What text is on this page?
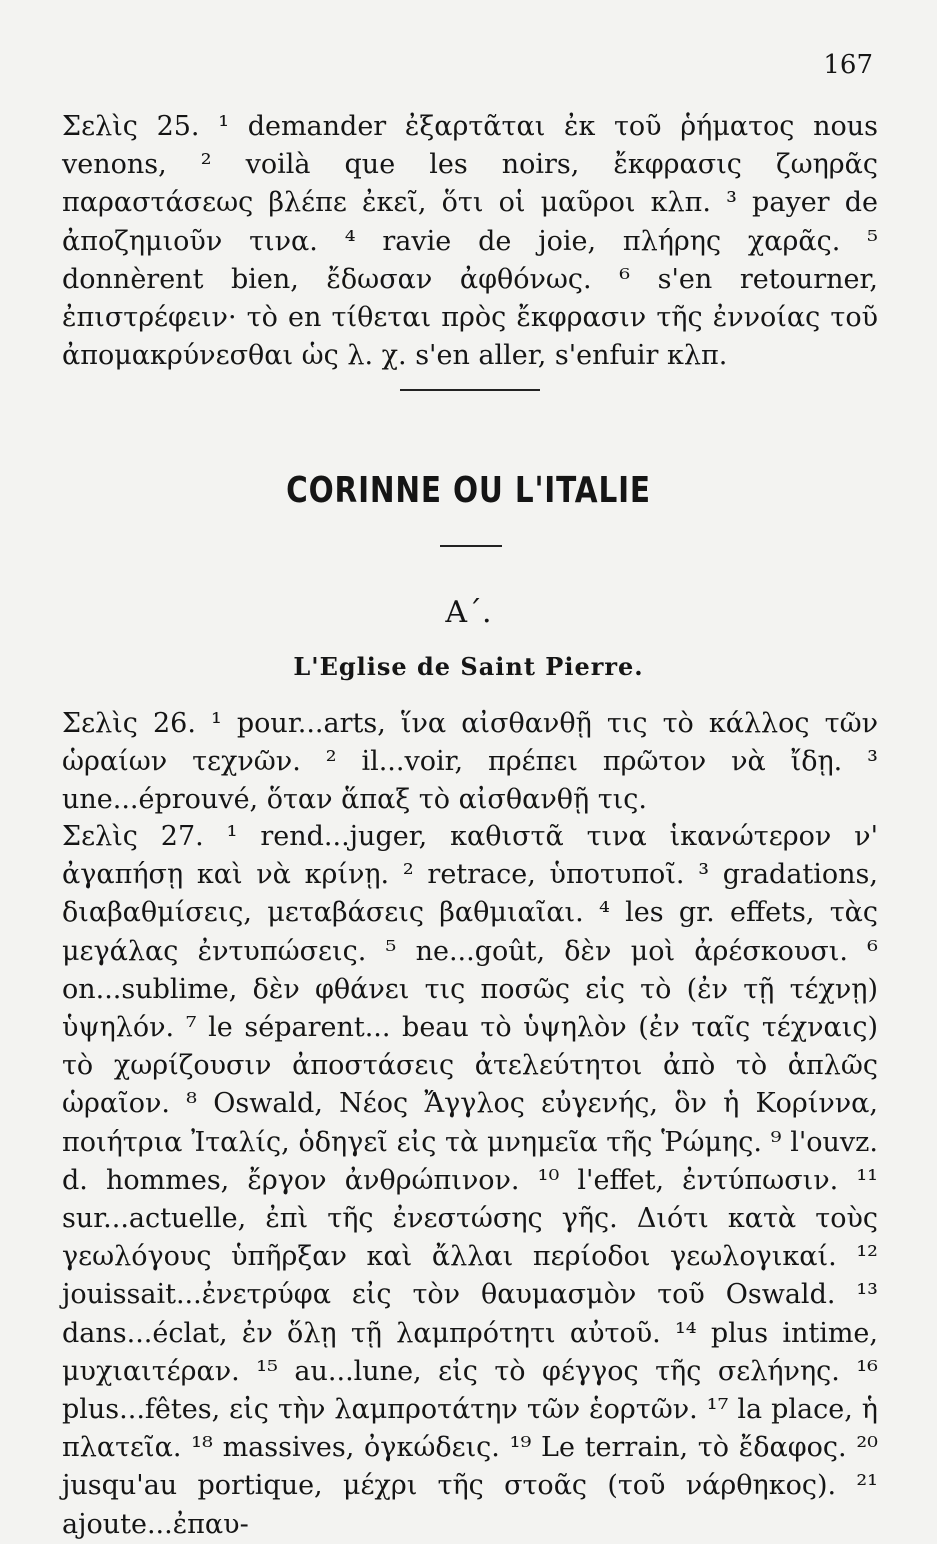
167

Σελὶς 25. ¹ demander ἐξαρτᾶται ἐκ τοῦ ῥήματος nous venons, ² voilà que les noirs, ἔκφρασις ζωηρᾶς παραστάσεως βλέπε ἐκεῖ, ὅτι οἱ μαῦροι κλπ. ³ payer de ἀποζημιοῦν τινα. ⁴ ravie de joie, πλήρης χαρᾶς. ⁵ donnèrent bien, ἔδωσαν ἀφθόνως. ⁶ s'en retourner, ἐπιστρέφειν· τὸ en τίθεται πρὸς ἔκφρασιν τῆς ἐννοίας τοῦ ἀπομακρύνεσθαι ὡς λ. χ. s'en aller, s'enfuir κλπ.

CORINNE OU L'ITALIE
Α΄.
L'Eglise de Saint Pierre.

Σελὶς 26. ¹ pour...arts, ἵνα αἰσθανθῇ τις τὸ κάλλος τῶν ὡραίων τεχνῶν. ² il...voir, πρέπει πρῶτον νὰ ἴδῃ. ³ une...éprouvé, ὅταν ἅπαξ τὸ αἰσθανθῇ τις.

Σελὶς 27. ¹ rend...juger, καθιστᾶ τινα ἱκανώτερον ν' ἀγαπήσῃ καὶ νὰ κρίνῃ. ² retrace, ὑποτυποῖ. ³ gradations, διαβαθμίσεις, μεταβάσεις βαθμιαῖαι. ⁴ les gr. effets, τὰς μεγάλας ἐντυπώσεις. ⁵ ne...goût, δὲν μοὶ ἀρέσκουσι. ⁶ on...sublime, δὲν φθάνει τις ποσῶς εἰς τὸ (ἐν τῇ τέχνῃ) ὑψηλόν. ⁷ le séparent... beau τὸ ὑψηλὸν (ἐν ταῖς τέχναις) τὸ χωρίζουσιν ἀποστάσεις ἀτελεύτητοι ἀπὸ τὸ ἁπλῶς ὡραῖον. ⁸ Oswald, Νέος Ἄγγλος εὐγενής, ὃν ἡ Κορίννα, ποιήτρια Ἰταλίς, ὁδηγεῖ εἰς τὰ μνημεῖα τῆς Ῥώμης. ⁹ l'ouvz. d. hommes, ἔργον ἀνθρώπινον. ¹⁰ l'effet, ἐντύπωσιν. ¹¹ sur...actuelle, ἐπὶ τῆς ἐνεστώσης γῆς. Διότι κατὰ τοὺς γεωλόγους ὑπῆρξαν καὶ ἄλλαι περίοδοι γεωλογικαί. ¹² jouissait...ἐνετρύφα εἰς τὸν θαυμασμὸν τοῦ Oswald. ¹³ dans...éclat, ἐν ὅλῃ τῇ λαμπρότητι αὐτοῦ. ¹⁴ plus intime, μυχιαιτέραν. ¹⁵ au...lune, εἰς τὸ φέγγος τῆς σελήνης. ¹⁶ plus...fêtes, εἰς τὴν λαμπροτάτην τῶν ἑορτῶν. ¹⁷ la place, ἡ πλατεῖα. ¹⁸ massives, ὀγκώδεις. ¹⁹ Le terrain, τὸ ἔδαφος. ²⁰ jusqu'au portique, μέχρι τῆς στοᾶς (τοῦ νάρθηκος). ²¹ ajoute...ἐπαυ-
